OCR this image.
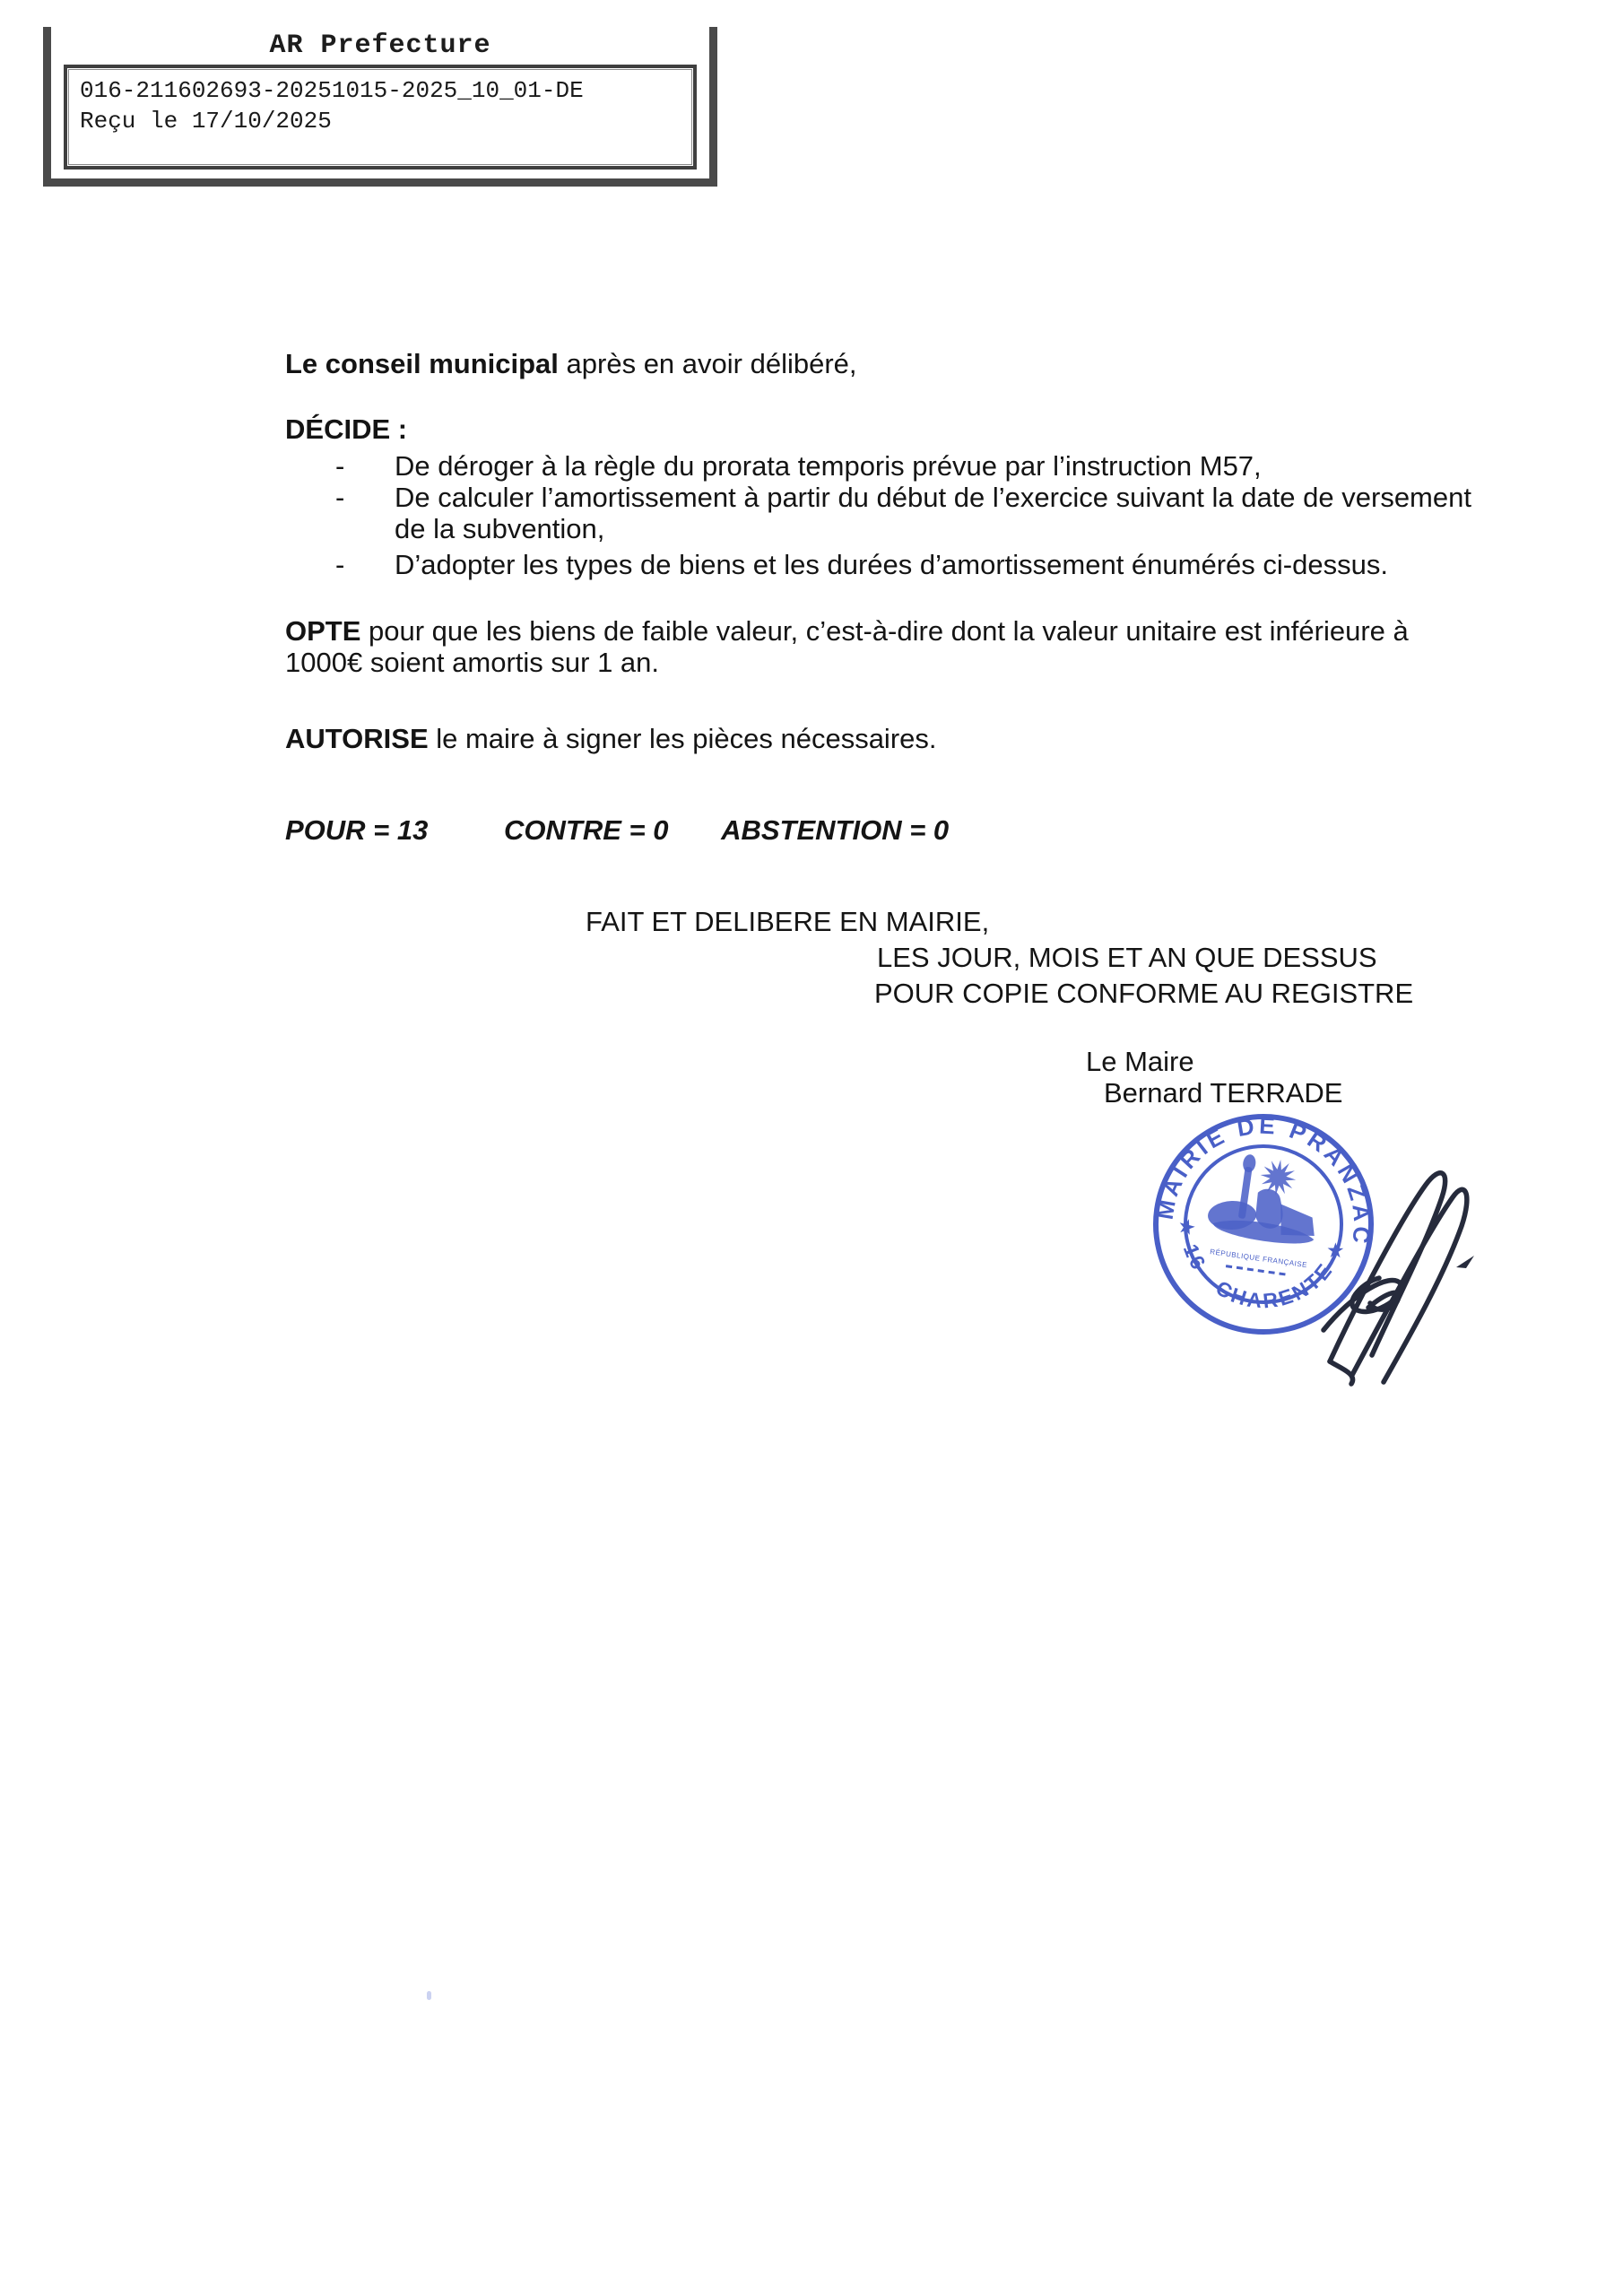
AR Prefecture
016-211602693-20251015-2025_10_01-DE
Reçu le 17/10/2025
Le conseil municipal après en avoir délibéré,
DÉCIDE :
- De déroger à la règle du prorata temporis prévue par l’instruction M57,
- De calculer l’amortissement à partir du début de l’exercice suivant la date de versement
de la subvention,
- D’adopter les types de biens et les durées d’amortissement énumérés ci-dessus.
OPTE pour que les biens de faible valeur, c’est-à-dire dont la valeur unitaire est inférieure à
1000€ soient amortis sur 1 an.
AUTORISE le maire à signer les pièces nécessaires.
POUR = 13	CONTRE = 0 ABSTENTION = 0
FAIT ET DELIBERE EN MAIRIE,
LES JOUR, MOIS ET AN QUE DESSUS
POUR COPIE CONFORME AU REGISTRE
Le Maire
Bernard TERRADE
MAIRIE DE PRANZAC
★ 16 - CHARENTE ★
RÉPUBLIQUE FRANÇAISE
